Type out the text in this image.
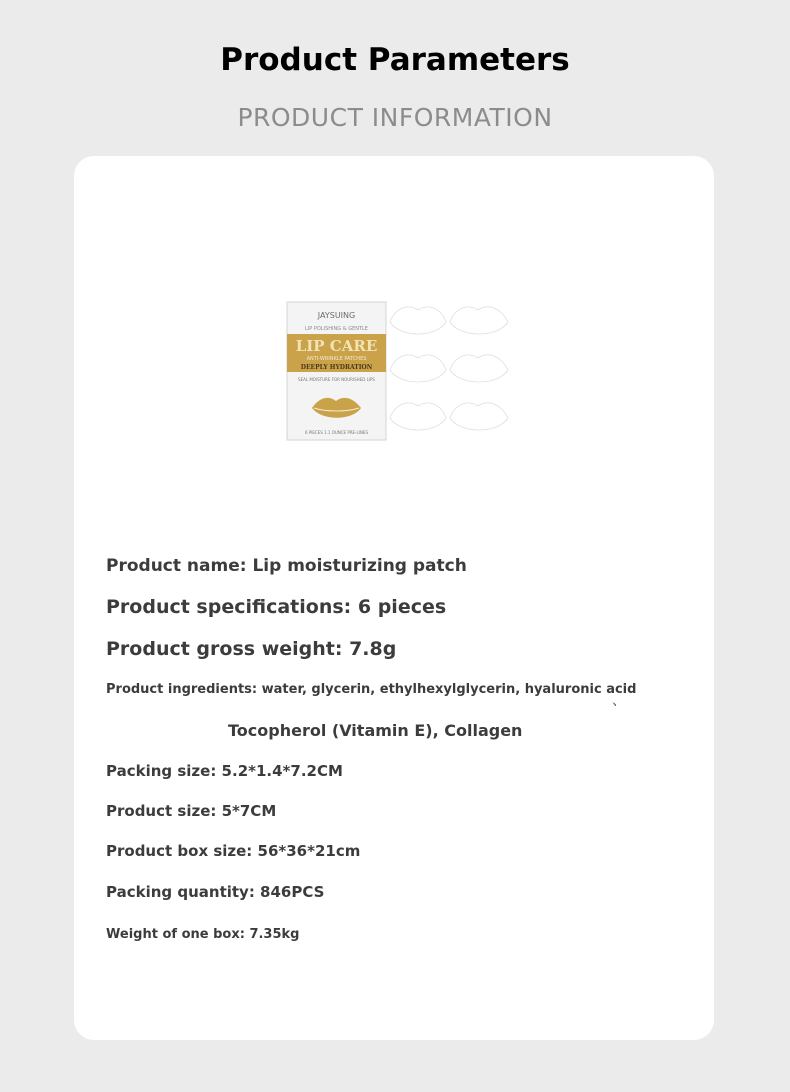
Product Parameters
PRODUCT INFORMATION
JAYSUING
LIP POLISHING & GENTLE
LIP CARE
ANTI-WRINKLE PATCHES
DEEPLY HYDRATION
SEAL MOISTURE FOR NOURISHED LIPS
6 PIECES 1.1 OUNCE PRE-LINES
Product name: Lip moisturizing patch
Product specifications: 6 pieces
Product gross weight: 7.8g
Product ingredients: water, glycerin, ethylhexylglycerin, hyaluronic acid
、
Tocopherol (Vitamin E), Collagen
Packing size: 5.2*1.4*7.2CM
Product size: 5*7CM
Product box size: 56*36*21cm
Packing quantity: 846PCS
Weight of one box: 7.35kg
